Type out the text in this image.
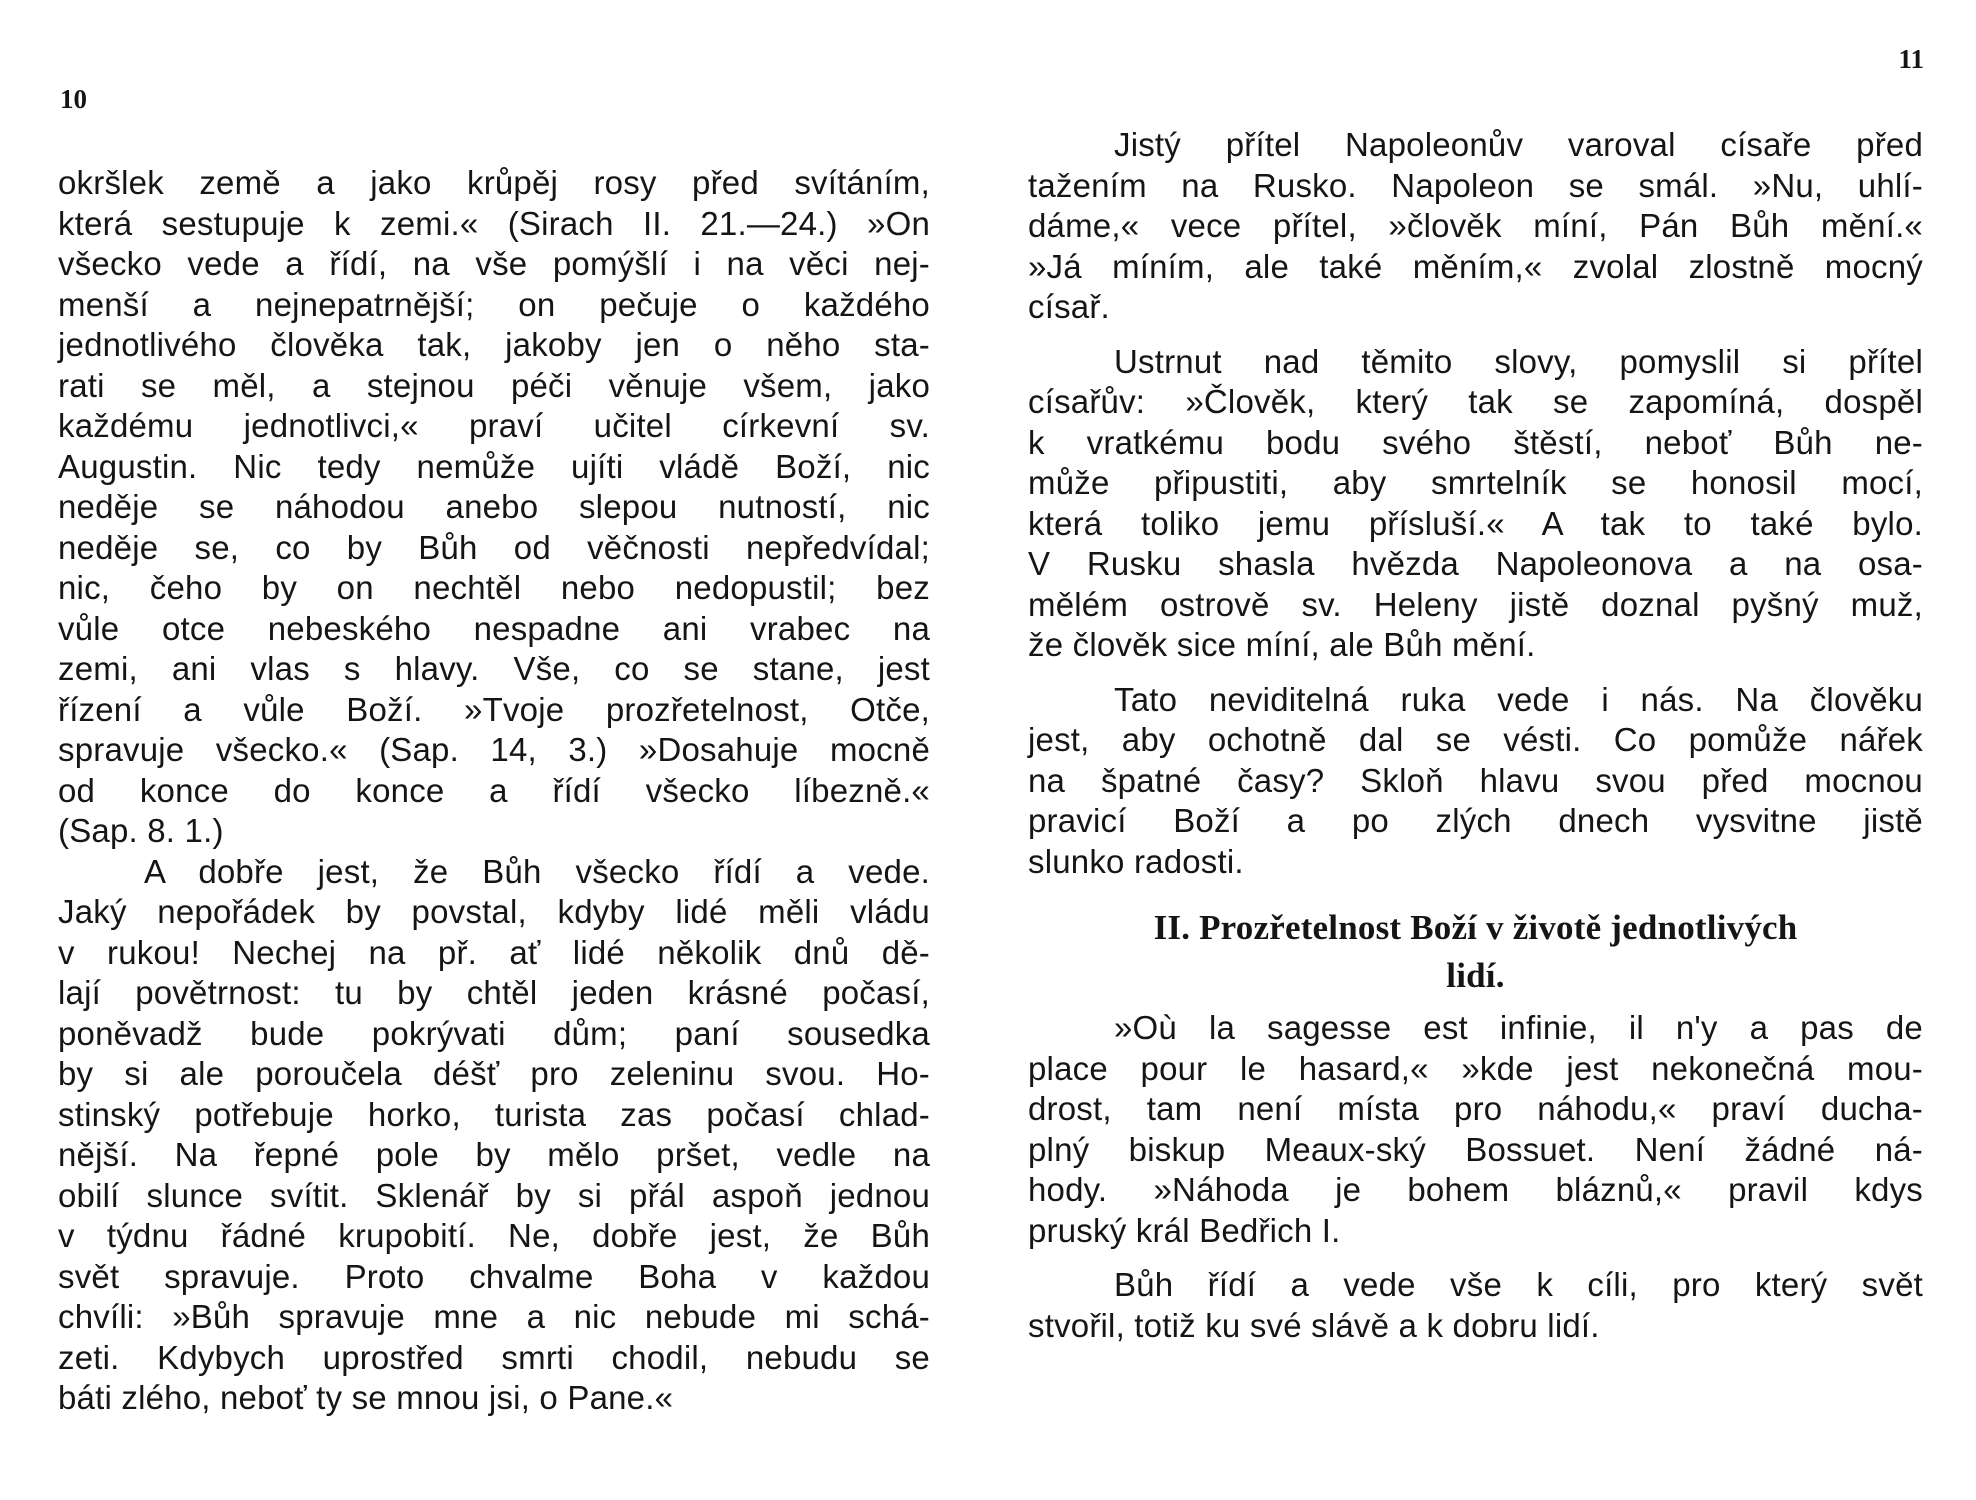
10
okršlek země a jako krůpěj rosy před svítáním,
která sestupuje k zemi.« (Sirach II. 21.—24.) »On
všecko vede a řídí, na vše pomýšlí i na věci nej-
menší a nejnepatrnější; on pečuje o každého
jednotlivého člověka tak, jakoby jen o něho sta-
rati se měl, a stejnou péči věnuje všem, jako
každému jednotlivci,« praví učitel církevní sv.
Augustin. Nic tedy nemůže ujíti vládě Boží, nic
neděje se náhodou anebo slepou nutností, nic
neděje se, co by Bůh od věčnosti nepředvídal;
nic, čeho by on nechtěl nebo nedopustil; bez
vůle otce nebeského nespadne ani vrabec na
zemi, ani vlas s hlavy. Vše, co se stane, jest
řízení a vůle Boží. »Tvoje prozřetelnost, Otče,
spravuje všecko.« (Sap. 14, 3.) »Dosahuje mocně
od konce do konce a řídí všecko líbezně.«
(Sap. 8. 1.)
A dobře jest, že Bůh všecko řídí a vede.
Jaký nepořádek by povstal, kdyby lidé měli vládu
v rukou! Nechej na př. ať lidé několik dnů dě-
lají povětrnost: tu by chtěl jeden krásné počasí,
poněvadž bude pokrývati dům; paní sousedka
by si ale poroučela déšť pro zeleninu svou. Ho-
stinský potřebuje horko, turista zas počasí chlad-
nější. Na řepné pole by mělo pršet, vedle na
obilí slunce svítit. Sklenář by si přál aspoň jednou
v týdnu řádné krupobití. Ne, dobře jest, že Bůh
svět spravuje. Proto chvalme Boha v každou
chvíli: »Bůh spravuje mne a nic nebude mi schá-
zeti. Kdybych uprostřed smrti chodil, nebudu se
báti zlého, neboť ty se mnou jsi, o Pane.«
11
Jistý přítel Napoleonův varoval císaře před
tažením na Rusko. Napoleon se smál. »Nu, uhlí-
dáme,« vece přítel, »člověk míní, Pán Bůh mění.«
»Já míním, ale také měním,« zvolal zlostně mocný
císař.
Ustrnut nad těmito slovy, pomyslil si přítel
císařův: »Člověk, který tak se zapomíná, dospěl
k vratkému bodu svého štěstí, neboť Bůh ne-
může připustiti, aby smrtelník se honosil mocí,
která toliko jemu přísluší.« A tak to také bylo.
V Rusku shasla hvězda Napoleonova a na osa-
mělém ostrově sv. Heleny jistě doznal pyšný muž,
že člověk sice míní, ale Bůh mění.
Tato neviditelná ruka vede i nás. Na člověku
jest, aby ochotně dal se vésti. Co pomůže nářek
na špatné časy? Skloň hlavu svou před mocnou
pravicí Boží a po zlých dnech vysvitne jistě
slunko radosti.
II. Prozřetelnost Boží v životě jednotlivých
lidí.
»Où la sagesse est infinie, il n'y a pas de
place pour le hasard,« »kde jest nekonečná mou-
drost, tam není místa pro náhodu,« praví ducha-
plný biskup Meaux-ský Bossuet. Není žádné ná-
hody. »Náhoda je bohem bláznů,« pravil kdys
pruský král Bedřich I.
Bůh řídí a vede vše k cíli, pro který svět
stvořil, totiž ku své slávě a k dobru lidí.
